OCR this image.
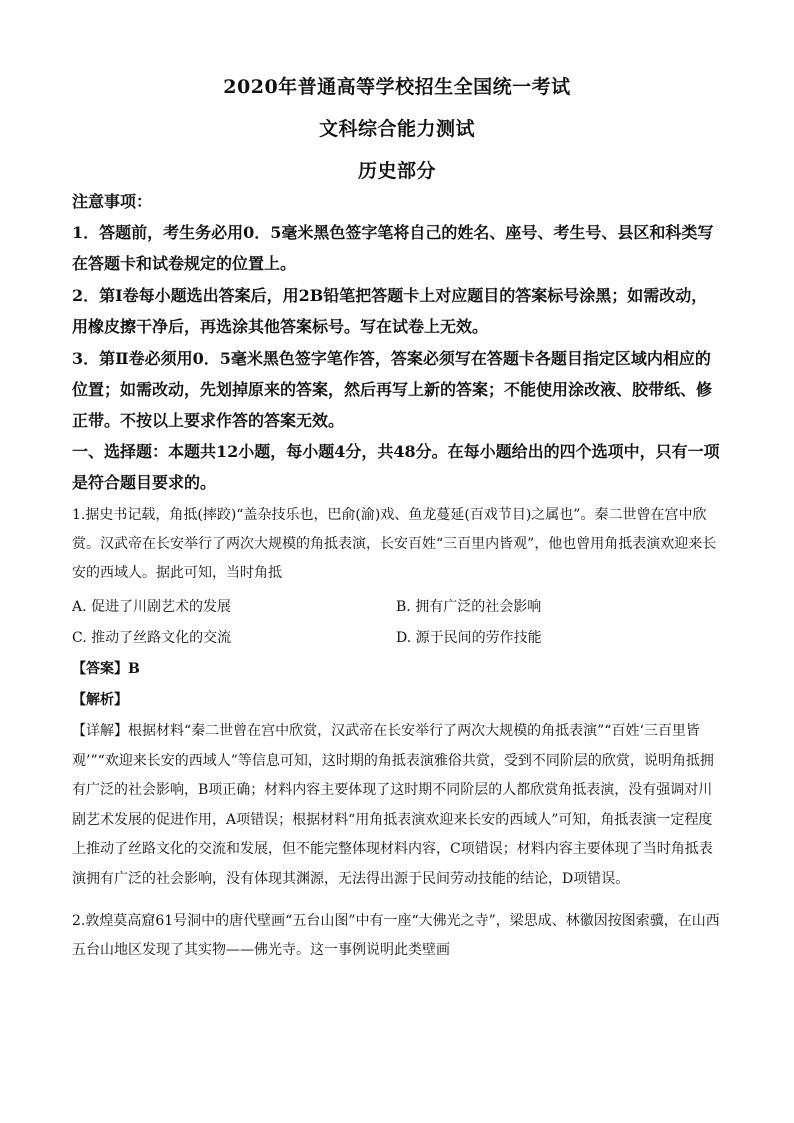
2020年普通高等学校招生全国统一考试
文科综合能力测试
历史部分
注意事项：
1．答题前，考生务必用0．5毫米黑色签字笔将自己的姓名、座号、考生号、县区和科类写在答题卡和试卷规定的位置上。
2．第Ⅰ卷每小题选出答案后，用2B铅笔把答题卡上对应题目的答案标号涂黑；如需改动，用橡皮擦干净后，再选涂其他答案标号。写在试卷上无效。
3．第Ⅱ卷必须用0．5毫米黑色签字笔作答，答案必须写在答题卡各题目指定区域内相应的位置；如需改动，先划掉原来的答案，然后再写上新的答案；不能使用涂改液、胶带纸、修正带。不按以上要求作答的答案无效。
一、选择题：本题共12小题，每小题4分，共48分。在每小题给出的四个选项中，只有一项是符合题目要求的。
1.据史书记载，角抵(摔跤)“盖杂技乐也，巴俞(渝)戏、鱼龙蔓延(百戏节目)之属也”。秦二世曾在宫中欣赏。汉武帝在长安举行了两次大规模的角抵表演，长安百姓“三百里内皆观”，他也曾用角抵表演欢迎来长安的西域人。据此可知，当时角抵
A. 促进了川剧艺术的发展	B. 拥有广泛的社会影响
C. 推动了丝路文化的交流	D. 源于民间的劳作技能
【答案】B
【解析】
【详解】根据材料“秦二世曾在宫中欣赏，汉武帝在长安举行了两次大规模的角抵表演”“百姓‘三百里皆观’”“欢迎来长安的西域人”等信息可知，这时期的角抵表演雅俗共赏，受到不同阶层的欣赏，说明角抵拥有广泛的社会影响，B项正确；材料内容主要体现了这时期不同阶层的人都欣赏角抵表演，没有强调对川剧艺术发展的促进作用，A项错误；根据材料“用角抵表演欢迎来长安的西域人”可知，角抵表演一定程度上推动了丝路文化的交流和发展，但不能完整体现材料内容，C项错误；材料内容主要体现了当时角抵表演拥有广泛的社会影响，没有体现其渊源，无法得出源于民间劳动技能的结论，D项错误。
2.敦煌莫高窟61号洞中的唐代壁画“五台山图”中有一座“大佛光之寺”，梁思成、林徽因按图索骥，在山西五台山地区发现了其实物——佛光寺。这一事例说明此类壁画
